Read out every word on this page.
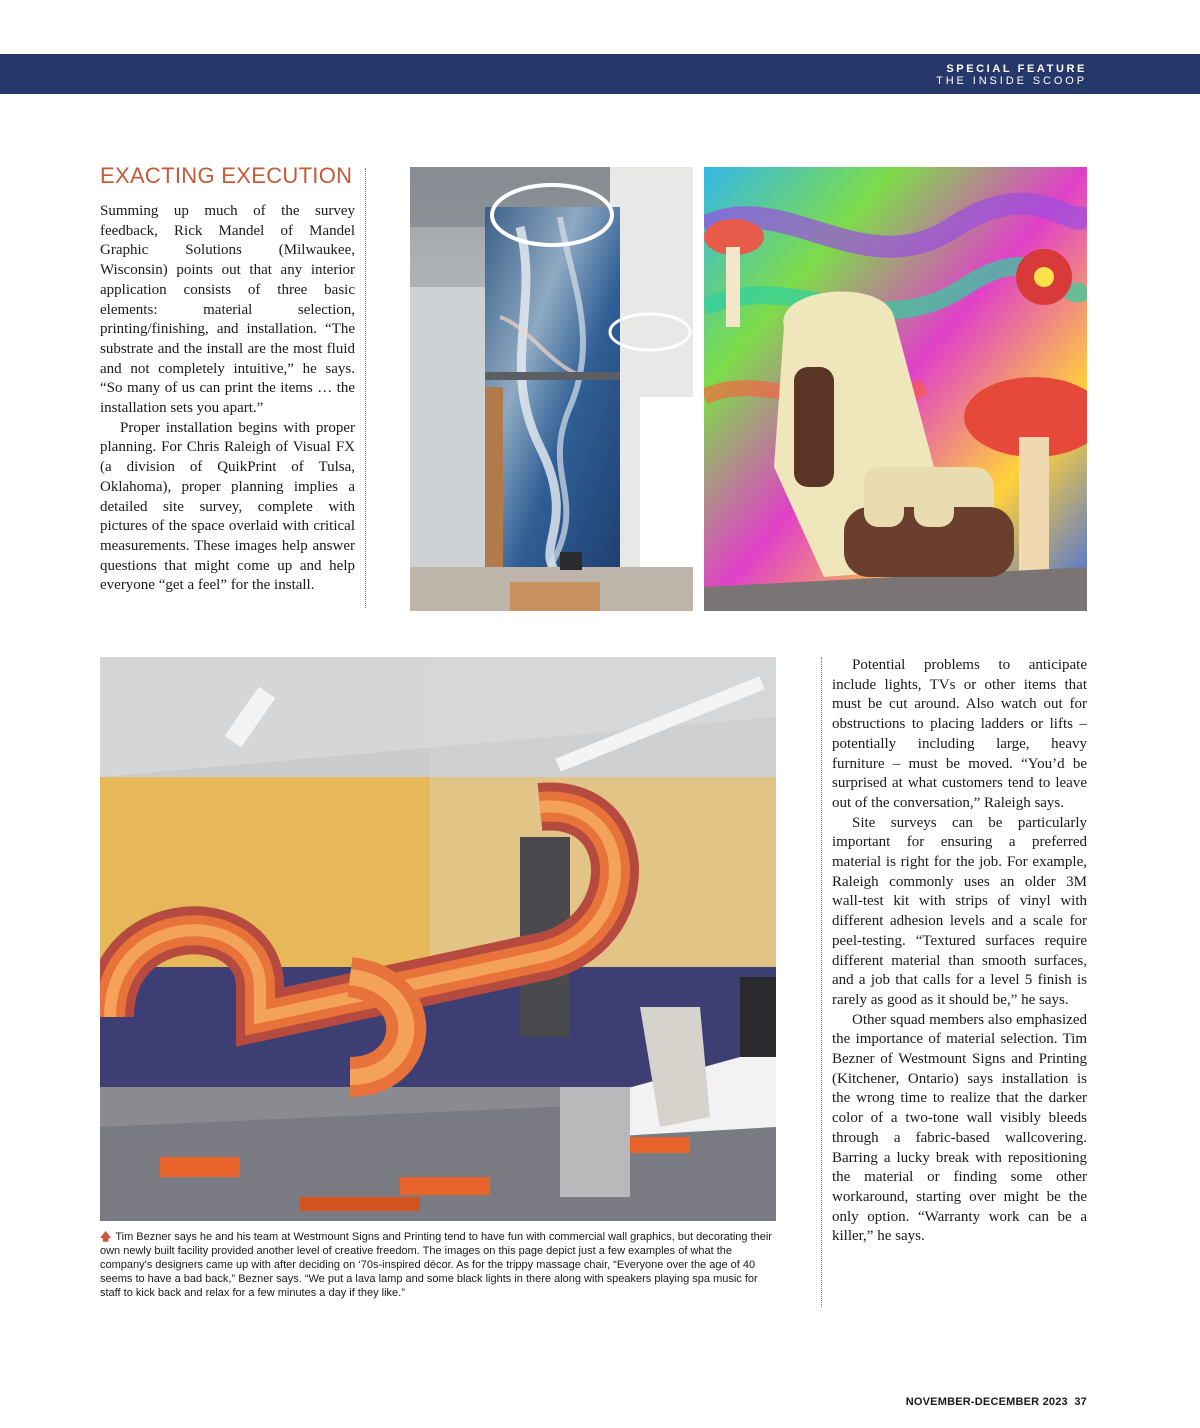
SPECIAL FEATURE
THE INSIDE SCOOP
EXACTING EXECUTION

Summing up much of the survey feedback, Rick Mandel of Mandel Graphic Solutions (Milwaukee, Wisconsin) points out that any interior application consists of three basic elements: material selection, printing/finishing, and installation. “The substrate and the install are the most fluid and not completely intuitive,” he says. “So many of us can print the items … the installation sets you apart.”

Proper installation begins with proper planning. For Chris Raleigh of Visual FX (a division of QuikPrint of Tulsa, Oklahoma), proper planning implies a detailed site survey, complete with pictures of the space overlaid with critical measurements. These images help answer questions that might come up and help everyone “get a feel” for the install.

🡅 Tim Bezner says he and his team at Westmount Signs and Printing tend to have fun with commercial wall graphics, but decorating their own newly built facility provided another level of creative freedom. The images on this page depict just a few examples of what the company's designers came up with after deciding on ‘70s-inspired décor. As for the trippy massage chair, “Everyone over the age of 40 seems to have a bad back,” Bezner says. “We put a lava lamp and some black lights in there along with speakers playing spa music for staff to kick back and relax for a few minutes a day if they like.”

Potential problems to anticipate include lights, TVs or other items that must be cut around. Also watch out for obstructions to placing ladders or lifts – potentially including large, heavy furniture – must be moved. “You’d be surprised at what customers tend to leave out of the conversation,” Raleigh says.

Site surveys can be particularly important for ensuring a preferred material is right for the job. For example, Raleigh commonly uses an older 3M wall-test kit with strips of vinyl with different adhesion levels and a scale for peel-testing. “Textured surfaces require different material than smooth surfaces, and a job that calls for a level 5 finish is rarely as good as it should be,” he says.

Other squad members also emphasized the importance of material selection. Tim Bezner of Westmount Signs and Printing (Kitchener, Ontario) says installation is the wrong time to realize that the darker color of a two-tone wall visibly bleeds through a fabric-based wallcovering. Barring a lucky break with repositioning the material or finding some other workaround, starting over might be the only option. “Warranty work can be a killer,” he says.

NOVEMBER-DECEMBER 2023 37
